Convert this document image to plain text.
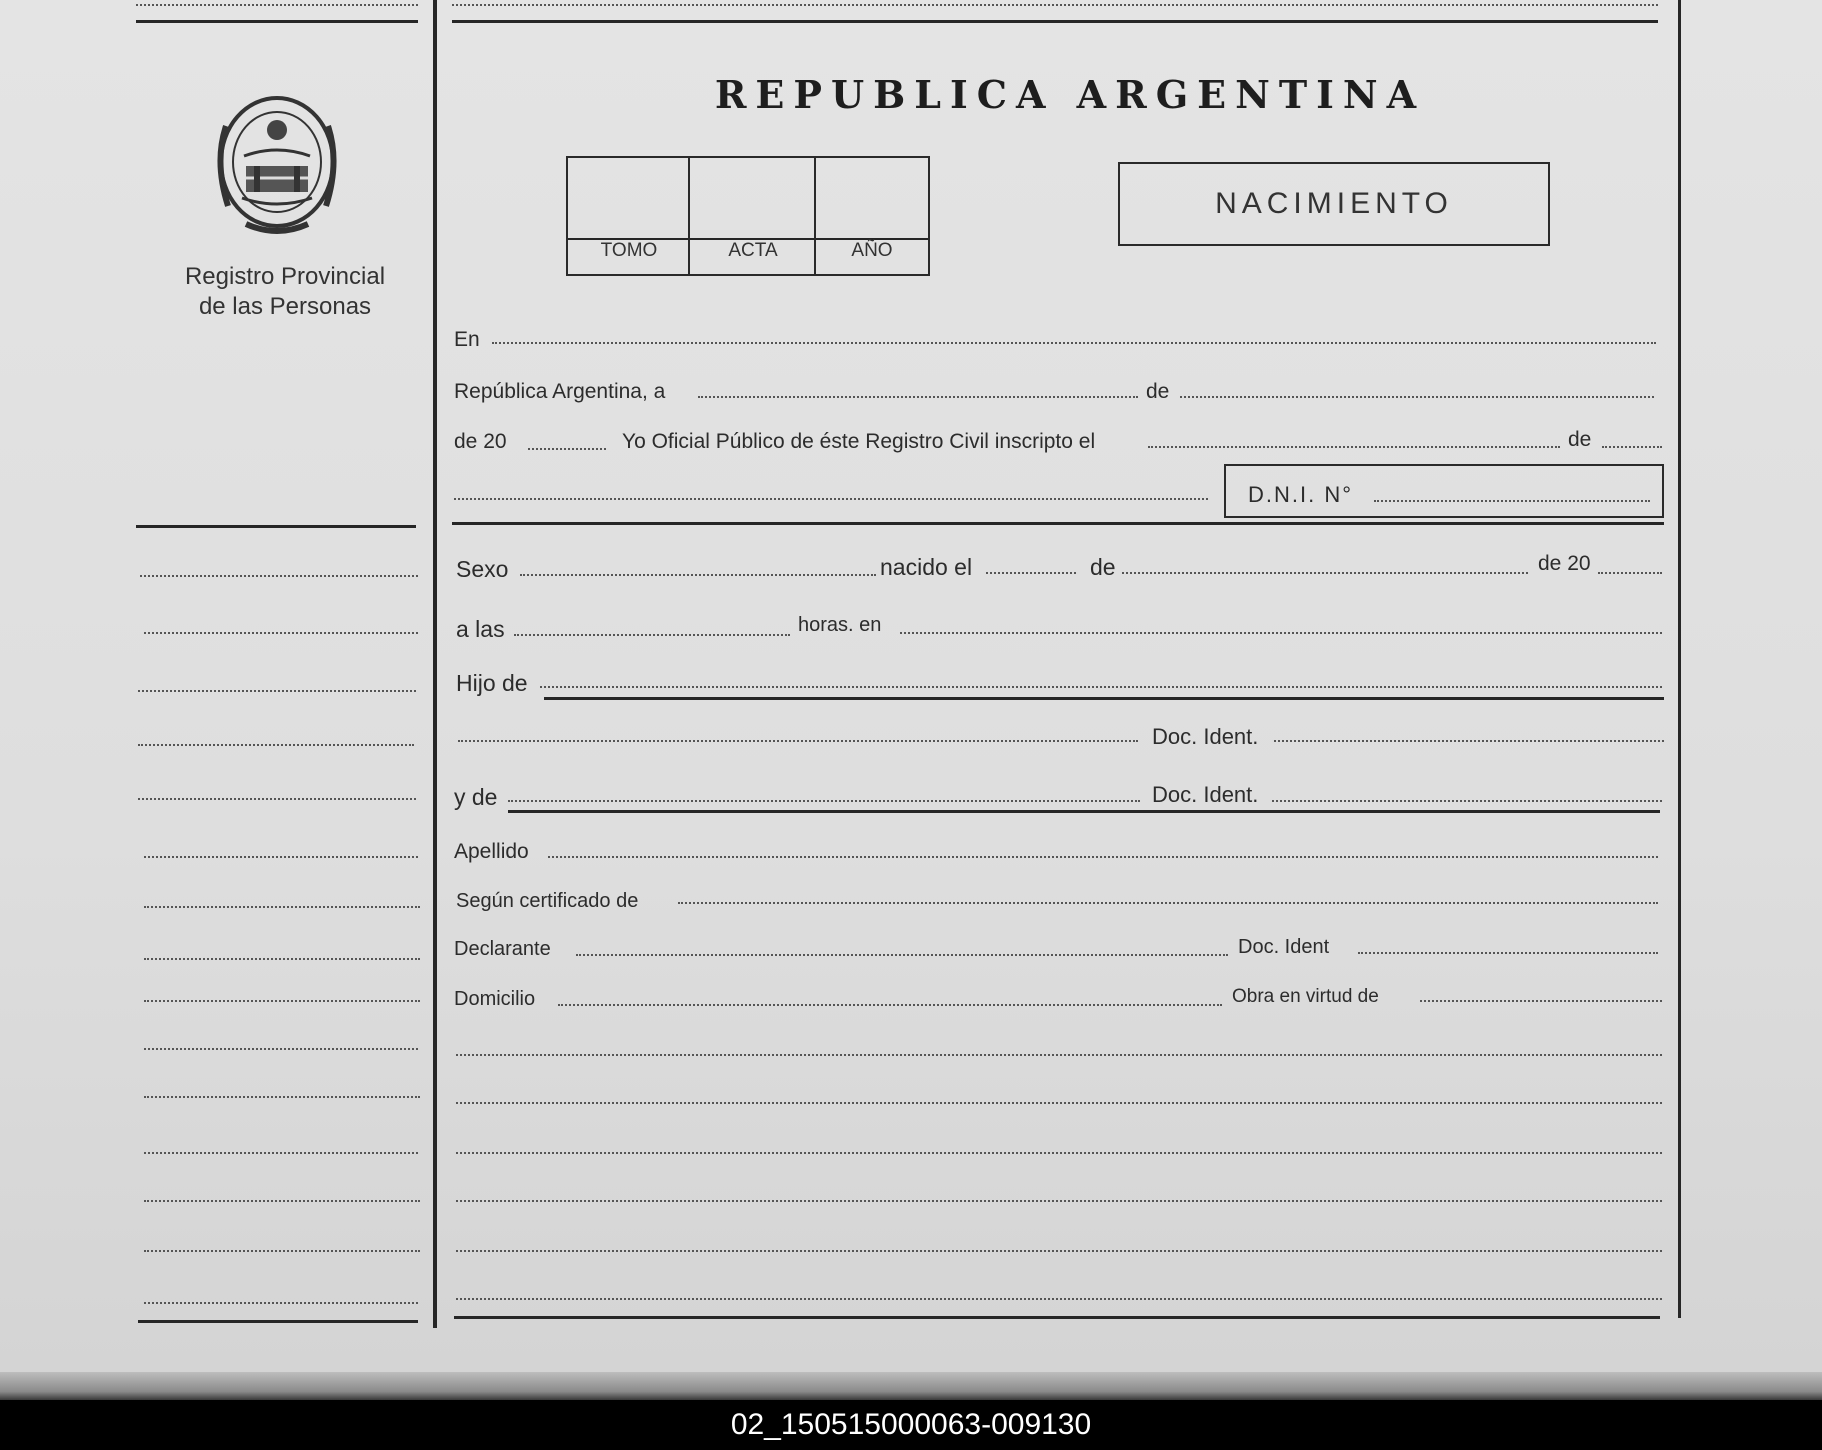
Registro Provincial
de las Personas
REPUBLICA ARGENTINA
TOMO	ACTA	AÑO
NACIMIENTO
En
República Argentina, a	de
de 20	Yo Oficial Público de éste Registro Civil inscripto el	de
D.N.I. N°
Sexo	nacido el	de	de 20
a las	horas. en
Hijo de
Doc. Ident.
y de	Doc. Ident.
Apellido
Según certificado de
Declarante	Doc. Ident
Domicilio	Obra en virtud de
02_150515000063-009130
